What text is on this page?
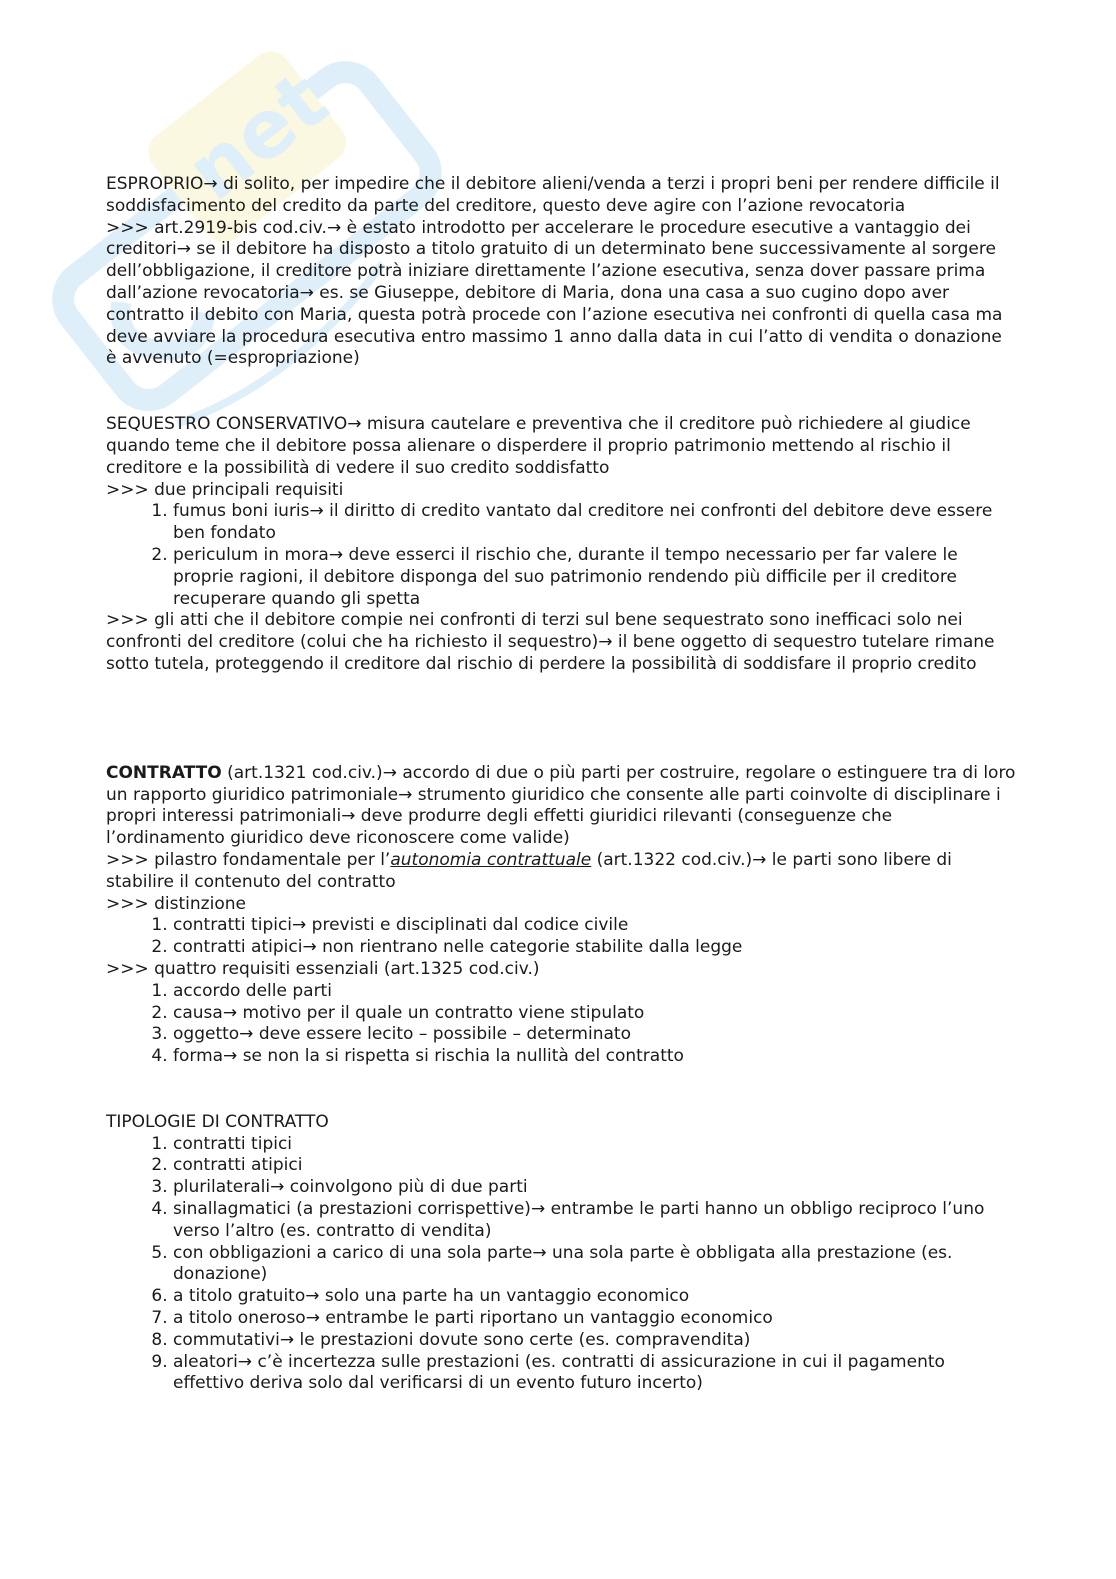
net

ESPROPRIO→ di solito, per impedire che il debitore alieni/venda a terzi i propri beni per rendere difficile il soddisfacimento del credito da parte del creditore, questo deve agire con l’azione revocatoria

>>> art.2919-bis cod.civ.→ è estato introdotto per accelerare le procedure esecutive a vantaggio dei creditori→ se il debitore ha disposto a titolo gratuito di un determinato bene successivamente al sorgere dell’obbligazione, il creditore potrà iniziare direttamente l’azione esecutiva, senza dover passare prima dall’azione revocatoria→ es. se Giuseppe, debitore di Maria, dona una casa a suo cugino dopo aver contratto il debito con Maria, questa potrà procede con l’azione esecutiva nei confronti di quella casa ma deve avviare la procedura esecutiva entro massimo 1 anno dalla data in cui l’atto di vendita o donazione è avvenuto (=espropriazione)

SEQUESTRO CONSERVATIVO→ misura cautelare e preventiva che il creditore può richiedere al giudice quando teme che il debitore possa alienare o disperdere il proprio patrimonio mettendo al rischio il creditore e la possibilità di vedere il suo credito soddisfatto

>>> due principali requisiti

1. fumus boni iuris→ il diritto di credito vantato dal creditore nei confronti del debitore deve essere ben fondato
2. periculum in mora→ deve esserci il rischio che, durante il tempo necessario per far valere le proprie ragioni, il debitore disponga del suo patrimonio rendendo più difficile per il creditore recuperare quando gli spetta

>>> gli atti che il debitore compie nei confronti di terzi sul bene sequestrato sono inefficaci solo nei confronti del creditore (colui che ha richiesto il sequestro)→ il bene oggetto di sequestro tutelare rimane sotto tutela, proteggendo il creditore dal rischio di perdere la possibilità di soddisfare il proprio credito

CONTRATTO (art.1321 cod.civ.)→ accordo di due o più parti per costruire, regolare o estinguere tra di loro un rapporto giuridico patrimoniale→ strumento giuridico che consente alle parti coinvolte di disciplinare i propri interessi patrimoniali→ deve produrre degli effetti giuridici rilevanti (conseguenze che l’ordinamento giuridico deve riconoscere come valide)

>>> pilastro fondamentale per l’autonomia contrattuale (art.1322 cod.civ.)→ le parti sono libere di stabilire il contenuto del contratto

>>> distinzione

1. contratti tipici→ previsti e disciplinati dal codice civile
2. contratti atipici→ non rientrano nelle categorie stabilite dalla legge

>>> quattro requisiti essenziali (art.1325 cod.civ.)

1. accordo delle parti
2. causa→ motivo per il quale un contratto viene stipulato
3. oggetto→ deve essere lecito – possibile – determinato
4. forma→ se non la si rispetta si rischia la nullità del contratto

TIPOLOGIE DI CONTRATTO

1. contratti tipici
2. contratti atipici
3. plurilaterali→ coinvolgono più di due parti
4. sinallagmatici (a prestazioni corrispettive)→ entrambe le parti hanno un obbligo reciproco l’uno verso l’altro (es. contratto di vendita)
5. con obbligazioni a carico di una sola parte→ una sola parte è obbligata alla prestazione (es. donazione)
6. a titolo gratuito→ solo una parte ha un vantaggio economico
7. a titolo oneroso→ entrambe le parti riportano un vantaggio economico
8. commutativi→ le prestazioni dovute sono certe (es. compravendita)
9. aleatori→ c’è incertezza sulle prestazioni (es. contratti di assicurazione in cui il pagamento effettivo deriva solo dal verificarsi di un evento futuro incerto)
